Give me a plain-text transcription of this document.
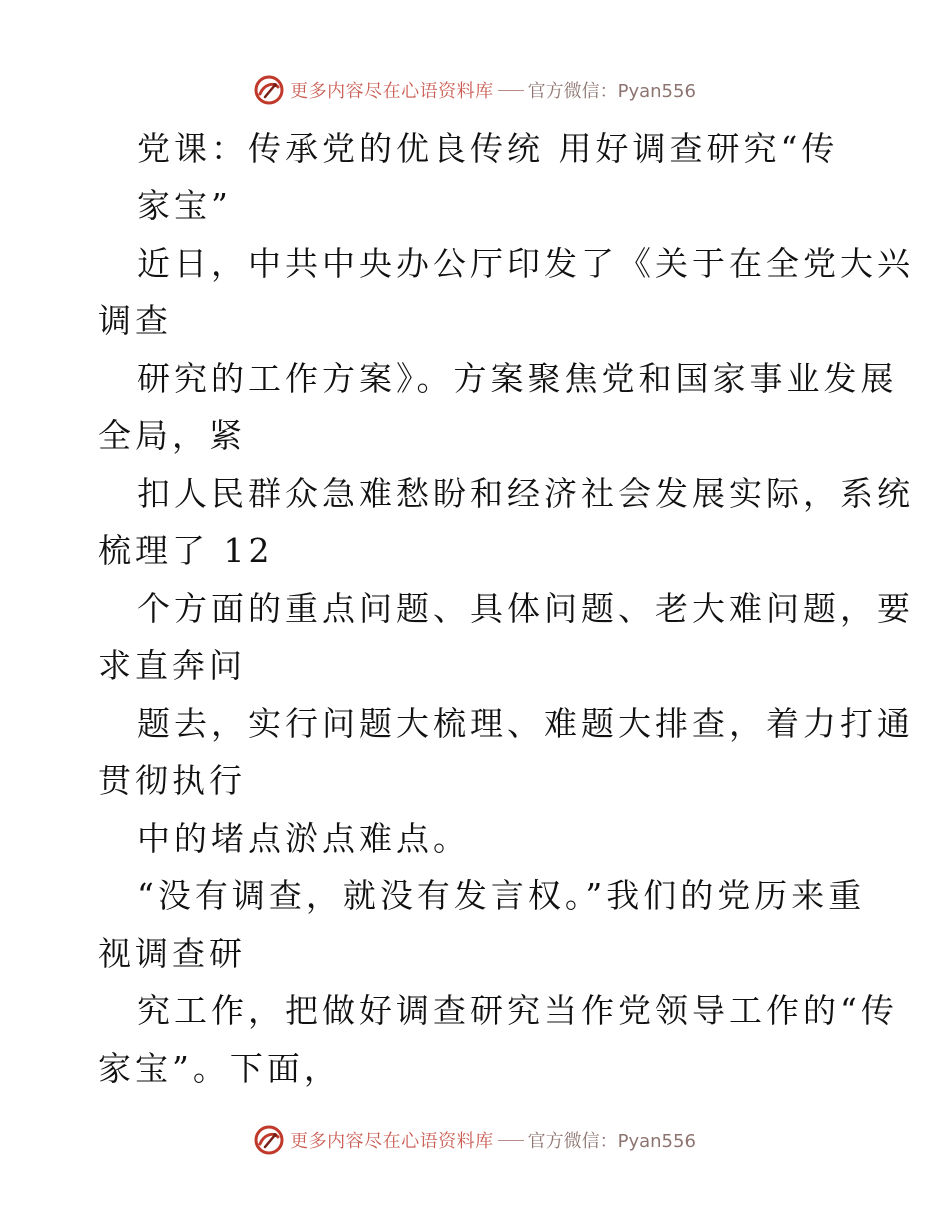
更多内容尽在心语资料库 官方微信：Pyan556
党课：传承党的优良传统 用好调查研究“传
家宝”
近日，中共中央办公厅印发了《关于在全党大兴
调查
研究的工作方案》。方案聚焦党和国家事业发展
全局，紧
扣人民群众急难愁盼和经济社会发展实际，系统
梳理了 12
个方面的重点问题、具体问题、老大难问题，要
求直奔问
题去，实行问题大梳理、难题大排查，着力打通
贯彻执行
中的堵点淤点难点。
“没有调查，就没有发言权。”我们的党历来重
视调查研
究工作，把做好调查研究当作党领导工作的“传
家宝”。下面，
更多内容尽在心语资料库 官方微信：Pyan556
